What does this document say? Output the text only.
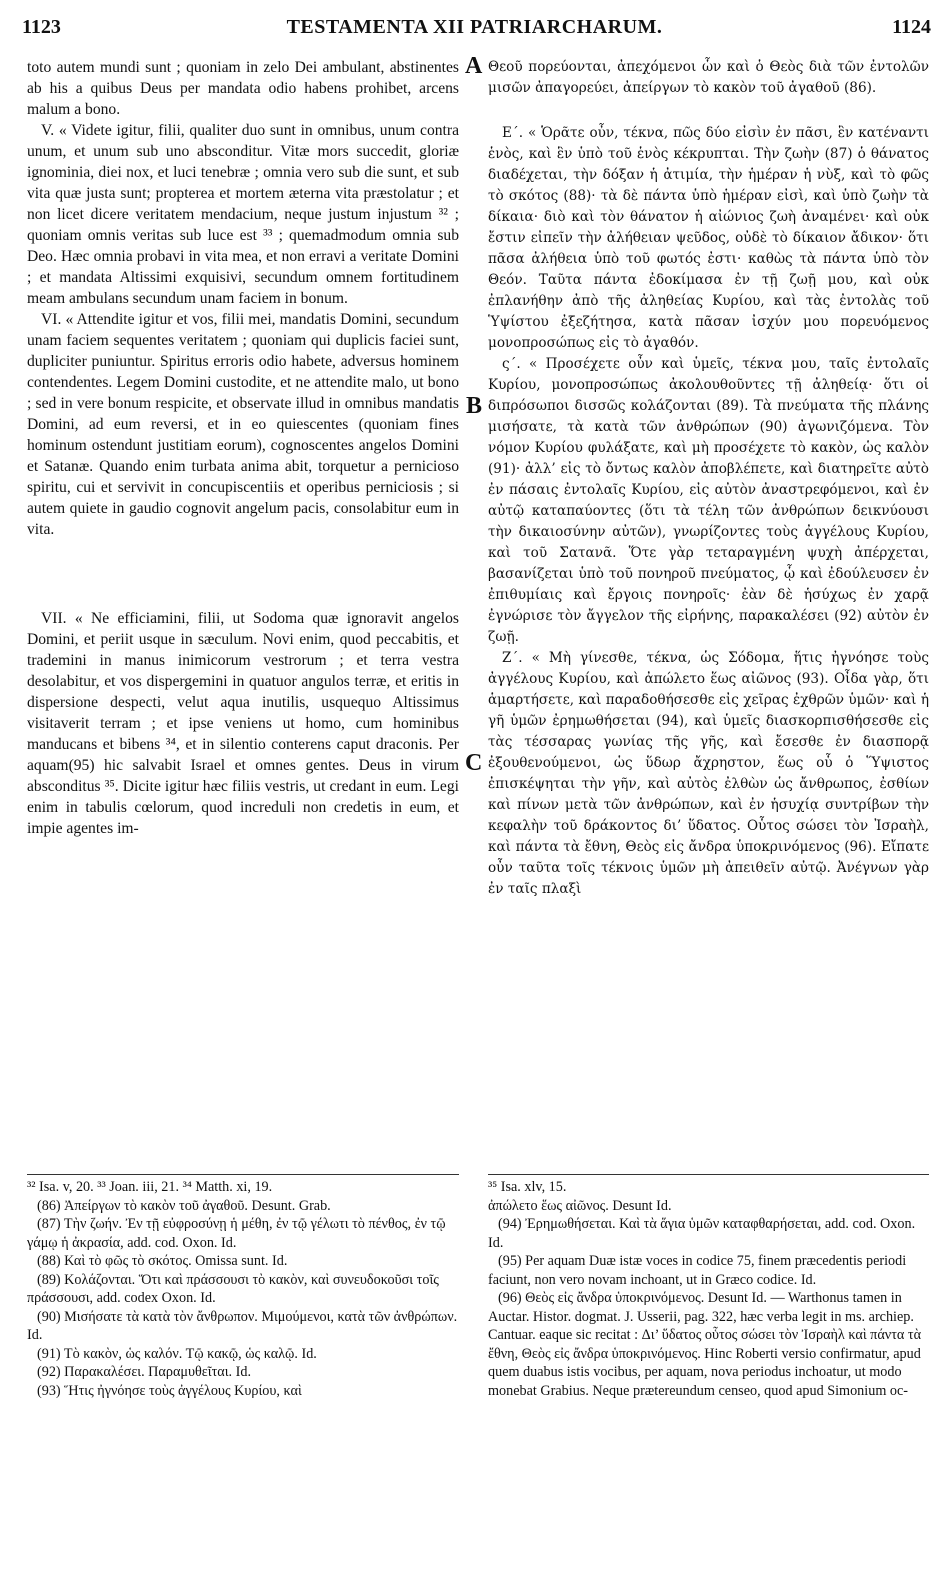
1123	TESTAMENTA XII PATRIARCHARUM.	1124

toto autem mundi sunt ; quoniam in zelo Dei ambulant, abstinentes ab his a quibus Deus per mandata odio habens prohibet, arcens malum a bono.

V. « Videte igitur, filii, qualiter duo sunt in omnibus, unum contra unum, et unum sub uno absconditur. Vitæ mors succedit, gloriæ ignominia, diei nox, et luci tenebræ ; omnia vero sub die sunt, et sub vita quæ justa sunt; propterea et mortem æterna vita præstolatur ; et non licet dicere veritatem mendacium, neque justum injustum ³² ; quoniam omnis veritas sub luce est ³³ ; quemadmodum omnia sub Deo. Hæc omnia probavi in vita mea, et non erravi a veritate Domini ; et mandata Altissimi exquisivi, secundum omnem fortitudinem meam ambulans secundum unam faciem in bonum.

VI. « Attendite igitur et vos, filii mei, mandatis Domini, secundum unam faciem sequentes veritatem ; quoniam qui duplicis faciei sunt, dupliciter puniuntur. Spiritus erroris odio habete, adversus hominem contendentes. Legem Domini custodite, et ne attendite malo, ut bono ; sed in vere bonum respicite, et observate illud in omnibus mandatis Domini, ad eum reversi, et in eo quiescentes (quoniam fines hominum ostendunt justitiam eorum), cognoscentes angelos Domini et Satanæ. Quando enim turbata anima abit, torquetur a pernicioso spiritu, cui et servivit in concupiscentiis et operibus perniciosis ; si autem quiete in gaudio cognovit angelum pacis, consolabitur eum in vita.

VII. « Ne efficiamini, filii, ut Sodoma quæ ignoravit angelos Domini, et periit usque in sæculum. Novi enim, quod peccabitis, et trademini in manus inimicorum vestrorum ; et terra vestra desolabitur, et vos dispergemini in quatuor angulos terræ, et eritis in dispersione despecti, velut aqua inutilis, usquequo Altissimus visitaverit terram ; et ipse veniens ut homo, cum hominibus manducans et bibens ³⁴, et in silentio conterens caput draconis. Per aquam(95) hic salvabit Israel et omnes gentes. Deus in virum absconditus ³⁵. Dicite igitur hæc filiis vestris, ut credant in eum. Legi enim in tabulis cœlorum, quod increduli non credetis in eum, et impie agentes im-

Θεοῦ πορεύονται, ἀπεχόμενοι ὧν καὶ ὁ Θεὸς διὰ τῶν ἐντολῶν μισῶν ἀπαγορεύει, ἀπείργων τὸ κακὸν τοῦ ἀγαθοῦ (86).

Ε΄. « Ὁρᾶτε οὖν, τέκνα, πῶς δύο εἰσὶν ἐν πᾶσι, ἓν κατέναντι ἑνὸς, καὶ ἓν ὑπὸ τοῦ ἑνὸς κέκρυπται. Τὴν ζωὴν (87) ὁ θάνατος διαδέχεται, τὴν δόξαν ἡ ἀτιμία, τὴν ἡμέραν ἡ νὺξ, καὶ τὸ φῶς τὸ σκότος (88)· τὰ δὲ πάντα ὑπὸ ἡμέραν εἰσὶ, καὶ ὑπὸ ζωὴν τὰ δίκαια· διὸ καὶ τὸν θάνατον ἡ αἰώνιος ζωὴ ἀναμένει· καὶ οὐκ ἔστιν εἰπεῖν τὴν ἀλήθειαν ψεῦδος, οὐδὲ τὸ δίκαιον ἄδικον· ὅτι πᾶσα ἀλήθεια ὑπὸ τοῦ φωτός ἐστι· καθὼς τὰ πάντα ὑπὸ τὸν Θεόν. Ταῦτα πάντα ἐδοκίμασα ἐν τῇ ζωῇ μου, καὶ οὐκ ἐπλανήθην ἀπὸ τῆς ἀληθείας Κυρίου, καὶ τὰς ἐντολὰς τοῦ Ὑψίστου ἐξεζήτησα, κατὰ πᾶσαν ἰσχύν μου πορευόμενος μονοπροσώπως εἰς τὸ ἀγαθόν.

ς΄. « Προσέχετε οὖν καὶ ὑμεῖς, τέκνα μου, ταῖς ἐντολαῖς Κυρίου, μονοπροσώπως ἀκολουθοῦντες τῇ ἀληθείᾳ· ὅτι οἱ διπρόσωποι δισσῶς κολάζονται (89). Τὰ πνεύματα τῆς πλάνης μισήσατε, τὰ κατὰ τῶν ἀνθρώπων (90) ἀγωνιζόμενα. Τὸν νόμον Κυρίου φυλάξατε, καὶ μὴ προσέχετε τὸ κακὸν, ὡς καλὸν (91)· ἀλλ’ εἰς τὸ ὄντως καλὸν ἀποβλέπετε, καὶ διατηρεῖτε αὐτὸ ἐν πάσαις ἐντολαῖς Κυρίου, εἰς αὐτὸν ἀναστρεφόμενοι, καὶ ἐν αὐτῷ καταπαύοντες (ὅτι τὰ τέλη τῶν ἀνθρώπων δεικνύουσι τὴν δικαιοσύνην αὐτῶν), γνωρίζοντες τοὺς ἀγγέλους Κυρίου, καὶ τοῦ Σατανᾶ. Ὅτε γὰρ τεταραγμένη ψυχὴ ἀπέρχεται, βασανίζεται ὑπὸ τοῦ πονηροῦ πνεύματος, ᾧ καὶ ἐδούλευσεν ἐν ἐπιθυμίαις καὶ ἔργοις πονηροῖς· ἐὰν δὲ ἡσύχως ἐν χαρᾷ ἐγνώρισε τὸν ἄγγελον τῆς εἰρήνης, παρακαλέσει (92) αὐτὸν ἐν ζωῇ.

Ζ΄. « Μὴ γίνεσθε, τέκνα, ὡς Σόδομα, ἥτις ἠγνόησε τοὺς ἀγγέλους Κυρίου, καὶ ἀπώλετο ἕως αἰῶνος (93). Οἶδα γὰρ, ὅτι ἁμαρτήσετε, καὶ παραδοθήσεσθε εἰς χεῖρας ἐχθρῶν ὑμῶν· καὶ ἡ γῆ ὑμῶν ἐρημωθήσεται (94), καὶ ὑμεῖς διασκορπισθήσεσθε εἰς τὰς τέσσαρας γωνίας τῆς γῆς, καὶ ἔσεσθε ἐν διασπορᾷ ἐξουθενούμενοι, ὡς ὕδωρ ἄχρηστον, ἕως οὗ ὁ Ὕψιστος ἐπισκέψηται τὴν γῆν, καὶ αὐτὸς ἐλθὼν ὡς ἄνθρωπος, ἐσθίων καὶ πίνων μετὰ τῶν ἀνθρώπων, καὶ ἐν ἡσυχίᾳ συντρίβων τὴν κεφαλὴν τοῦ δράκοντος δι’ ὕδατος. Οὗτος σώσει τὸν Ἰσραὴλ, καὶ πάντα τὰ ἔθνη, Θεὸς εἰς ἄνδρα ὑποκρινόμενος (96). Εἴπατε οὖν ταῦτα τοῖς τέκνοις ὑμῶν μὴ ἀπειθεῖν αὐτῷ. Ἀνέγνων γὰρ ἐν ταῖς πλαξὶ

A
B
C

³² Isa. v, 20. ³³ Joan. iii, 21. ³⁴ Matth. xi, 19.

(86) Ἀπείργων τὸ κακὸν τοῦ ἀγαθοῦ. Desunt. Grab.

(87) Τὴν ζωήν. Ἐν τῇ εὐφροσύνῃ ἡ μέθη, ἐν τῷ γέλωτι τὸ πένθος, ἐν τῷ γάμῳ ἡ ἀκρασία, add. cod. Oxon. Id.

(88) Καὶ τὸ φῶς τὸ σκότος. Omissa sunt. Id.

(89) Κολάζονται. Ὅτι καὶ πράσσουσι τὸ κακὸν, καὶ συνευδοκοῦσι τοῖς πράσσουσι, add. codex Oxon. Id.

(90) Μισήσατε τὰ κατὰ τὸν ἄνθρωπον. Μιμούμενοι, κατὰ τῶν ἀνθρώπων. Id.

(91) Τὸ κακὸν, ὡς καλόν. Τῷ κακῷ, ὡς καλῷ. Id.

(92) Παρακαλέσει. Παραμυθεῖται. Id.

(93) Ἥτις ἠγνόησε τοὺς ἀγγέλους Κυρίου, καὶ

³⁵ Isa. xlv, 15.

ἀπώλετο ἕως αἰῶνος. Desunt Id.

(94) Ἐρημωθήσεται. Καὶ τὰ ἅγια ὑμῶν καταφθαρήσεται, add. cod. Oxon. Id.

(95) Per aquam Duæ istæ voces in codice 75, finem præcedentis periodi faciunt, non vero novam inchoant, ut in Græco codice. Id.

(96) Θεὸς εἰς ἄνδρα ὑποκρινόμενος. Desunt Id. — Warthonus tamen in Auctar. Histor. dogmat. J. Usserii, pag. 322, hæc verba legit in ms. archiep. Cantuar. eaque sic recitat : Δι’ ὕδατος οὗτος σώσει τὸν Ἰσραὴλ καὶ πάντα τὰ ἔθνη, Θεὸς εἰς ἄνδρα ὑποκρινόμενος. Hinc Roberti versio confirmatur, apud quem duabus istis vocibus, per aquam, nova periodus inchoatur, ut modo monebat Grabius. Neque prætereundum censeo, quod apud Simonium oc-
